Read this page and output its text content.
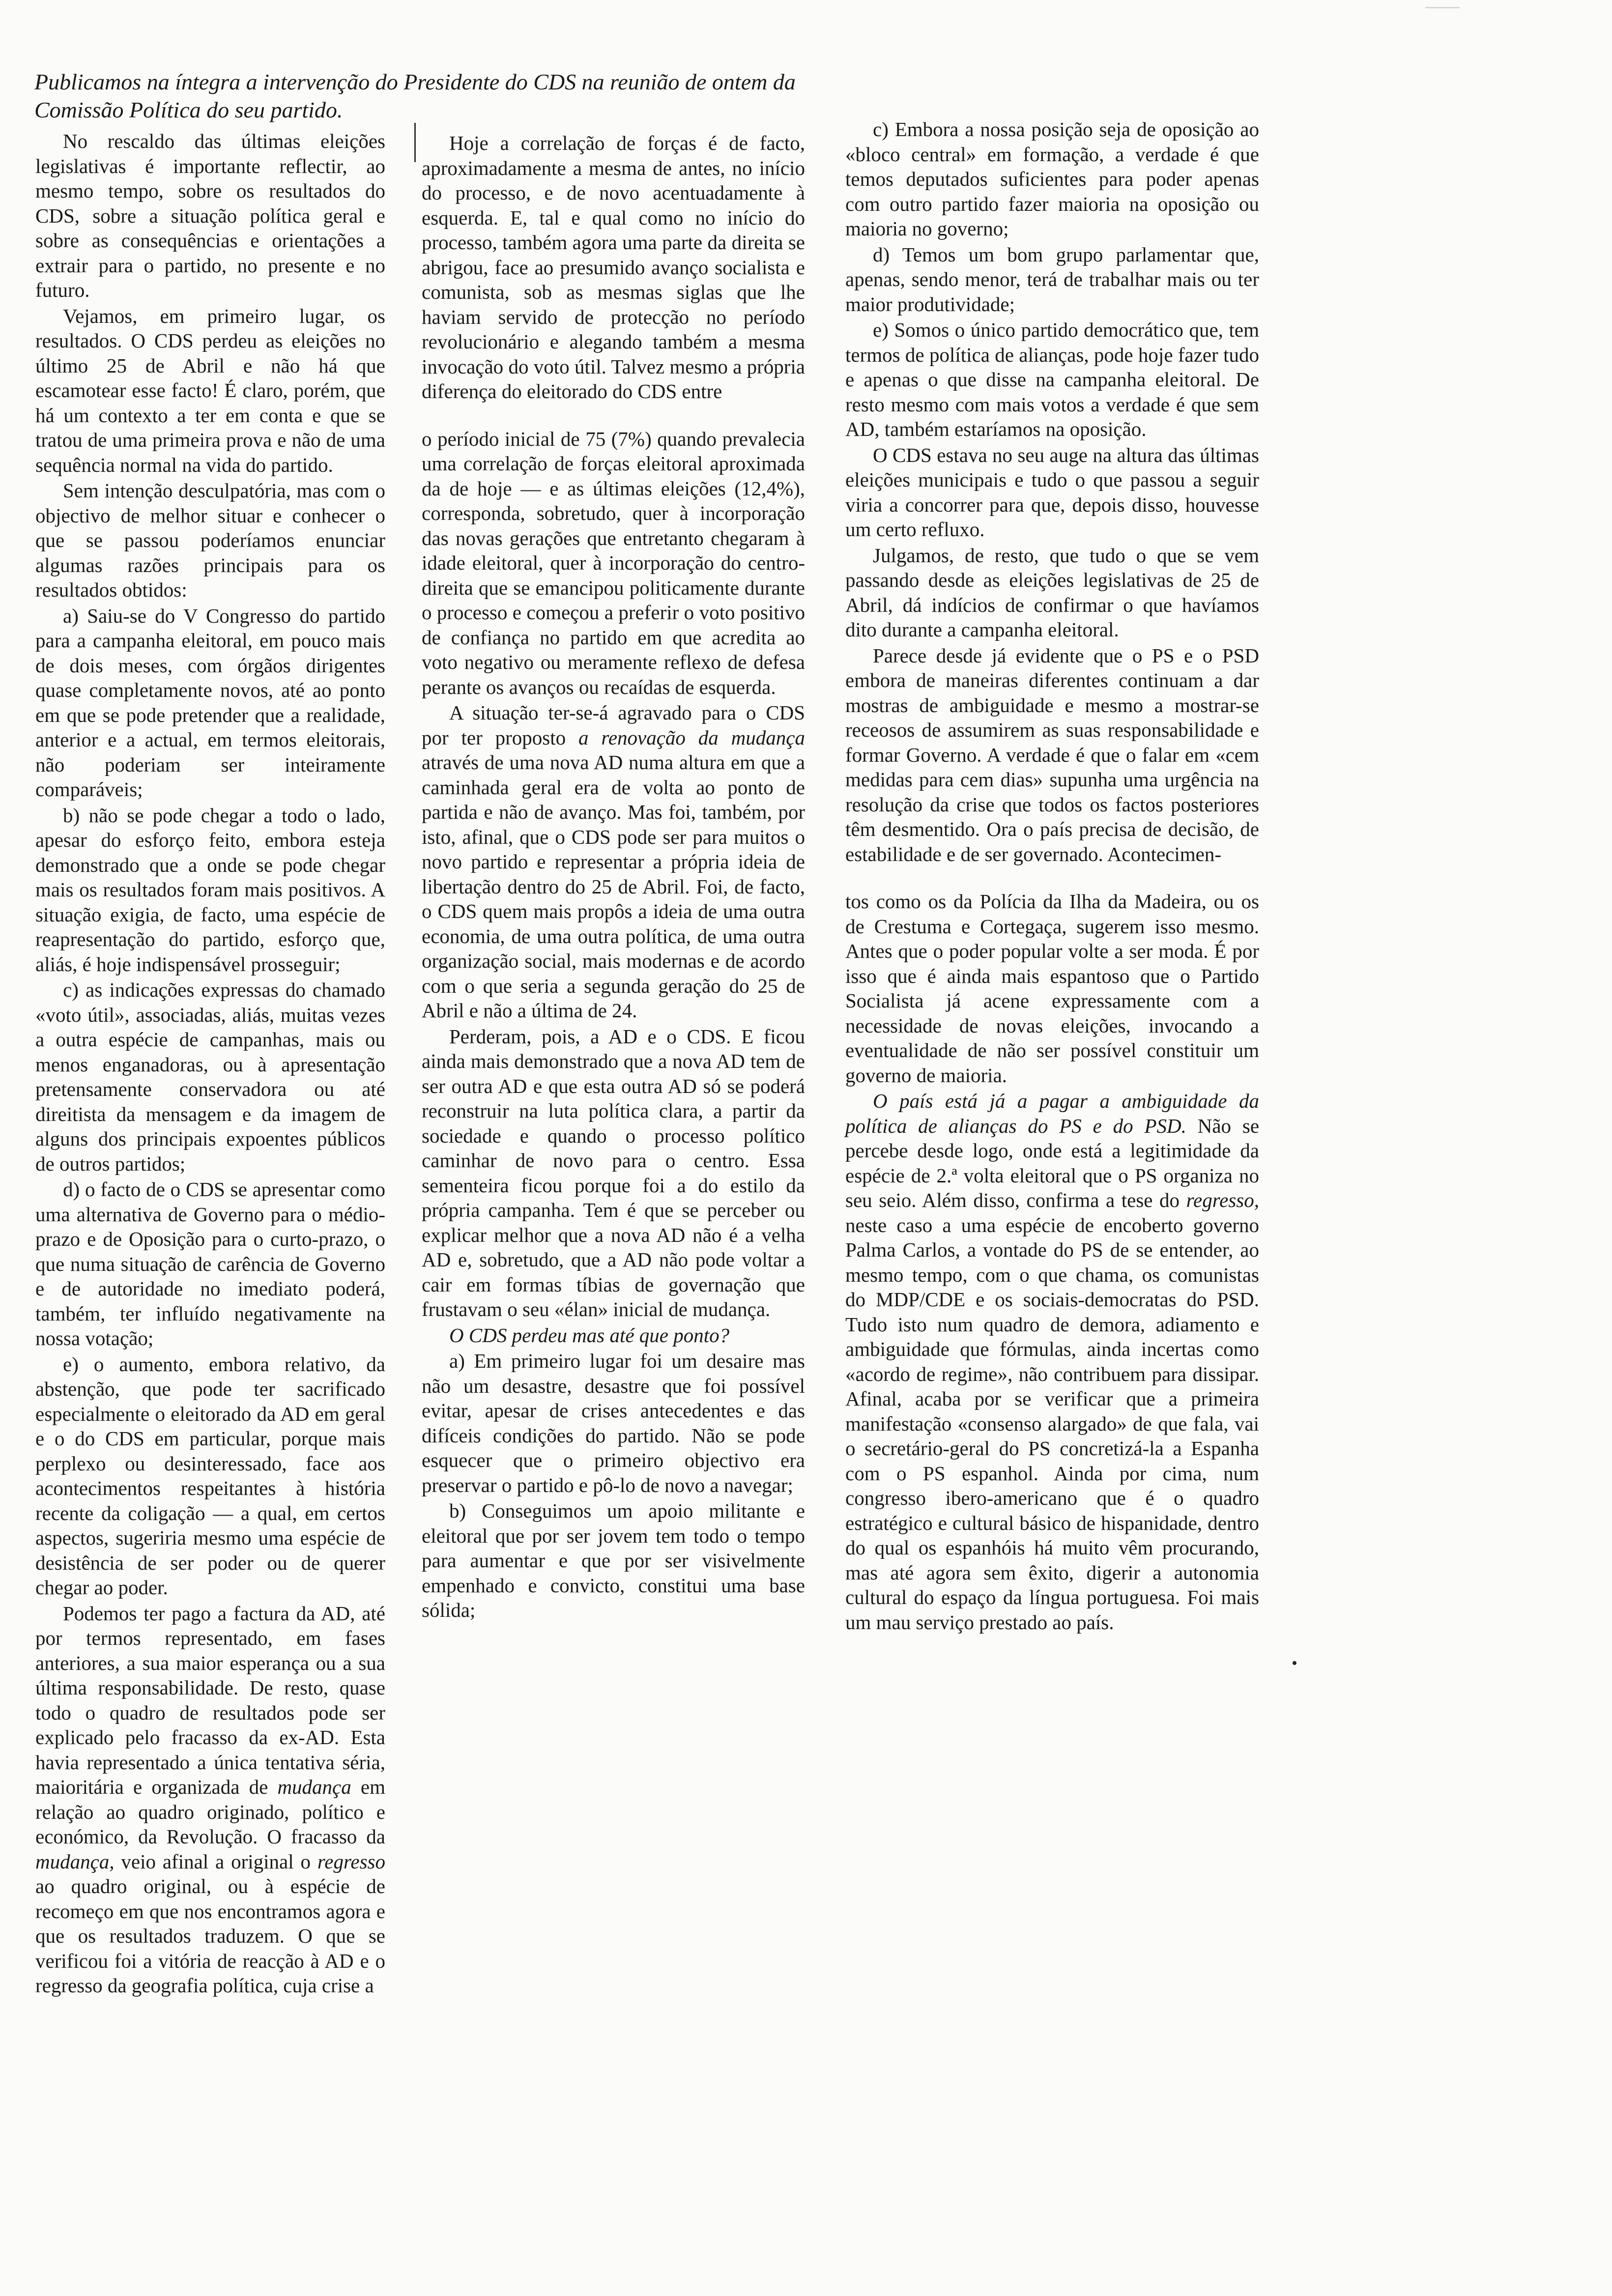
Publicamos na íntegra a intervenção do Presidente do CDS na reunião de ontem da Comissão Política do seu partido.

No rescaldo das últimas eleições legislativas é importante reflectir, ao mesmo tempo, sobre os resultados do CDS, sobre a situação política geral e sobre as consequências e orientações a extrair para o partido, no presente e no futuro.

Vejamos, em primeiro lugar, os resultados. O CDS perdeu as eleições no último 25 de Abril e não há que escamotear esse facto! É claro, porém, que há um contexto a ter em conta e que se tratou de uma primeira prova e não de uma sequência normal na vida do partido.

Sem intenção desculpatória, mas com o objectivo de melhor situar e conhecer o que se passou poderíamos enunciar algumas razões principais para os resultados obtidos:

a) Saiu-se do V Congresso do partido para a campanha eleitoral, em pouco mais de dois meses, com órgãos dirigentes quase completamente novos, até ao ponto em que se pode pretender que a realidade, anterior e a actual, em termos eleitorais, não poderiam ser inteiramente comparáveis;

b) não se pode chegar a todo o lado, apesar do esforço feito, embora esteja demonstrado que a onde se pode chegar mais os resultados foram mais positivos. A situação exigia, de facto, uma espécie de reapresentação do partido, esforço que, aliás, é hoje indispensável prosseguir;

c) as indicações expressas do chamado «voto útil», associadas, aliás, muitas vezes a outra espécie de campanhas, mais ou menos enganadoras, ou à apresentação pretensamente conservadora ou até direitista da mensagem e da imagem de alguns dos principais expoentes públicos de outros partidos;

d) o facto de o CDS se apresentar como uma alternativa de Governo para o médio-prazo e de Oposição para o curto-prazo, o que numa situação de carência de Governo e de autoridade no imediato poderá, também, ter influído negativamente na nossa votação;

e) o aumento, embora relativo, da abstenção, que pode ter sacrificado especialmente o eleitorado da AD em geral e o do CDS em particular, porque mais perplexo ou desinteressado, face aos acontecimentos respeitantes à história recente da coligação — a qual, em certos aspectos, sugeriria mesmo uma espécie de desistência de ser poder ou de querer chegar ao poder.

Podemos ter pago a factura da AD, até por termos representado, em fases anteriores, a sua maior esperança ou a sua última responsabilidade. De resto, quase todo o quadro de resultados pode ser explicado pelo fracasso da ex-AD. Esta havia representado a única tentativa séria, maioritária e organizada de mudança em relação ao quadro originado, político e económico, da Revolução. O fracasso da mudança, veio afinal a original o regresso ao quadro original, ou à espécie de recomeço em que nos encontramos agora e que os resultados traduzem. O que se verificou foi a vitória de reacção à AD e o regresso da geografia política, cuja crise a

Hoje a correlação de forças é de facto, aproximadamente a mesma de antes, no início do processo, e de novo acentuadamente à esquerda. E, tal e qual como no início do processo, também agora uma parte da direita se abrigou, face ao presumido avanço socialista e comunista, sob as mesmas siglas que lhe haviam servido de protecção no período revolucionário e alegando também a mesma invocação do voto útil. Talvez mesmo a própria diferença do eleitorado do CDS entre

o período inicial de 75 (7%) quando prevalecia uma correlação de forças eleitoral aproximada da de hoje — e as últimas eleições (12,4%), corresponda, sobretudo, quer à incorporação das novas gerações que entretanto chegaram à idade eleitoral, quer à incorporação do centro-direita que se emancipou politicamente durante o processo e começou a preferir o voto positivo de confiança no partido em que acredita ao voto negativo ou meramente reflexo de defesa perante os avanços ou recaídas de esquerda.

A situação ter-se-á agravado para o CDS por ter proposto a renovação da mudança através de uma nova AD numa altura em que a caminhada geral era de volta ao ponto de partida e não de avanço. Mas foi, também, por isto, afinal, que o CDS pode ser para muitos o novo partido e representar a própria ideia de libertação dentro do 25 de Abril. Foi, de facto, o CDS quem mais propôs a ideia de uma outra economia, de uma outra política, de uma outra organização social, mais modernas e de acordo com o que seria a segunda geração do 25 de Abril e não a última de 24.

Perderam, pois, a AD e o CDS. E ficou ainda mais demonstrado que a nova AD tem de ser outra AD e que esta outra AD só se poderá reconstruir na luta política clara, a partir da sociedade e quando o processo político caminhar de novo para o centro. Essa sementeira ficou porque foi a do estilo da própria campanha. Tem é que se perceber ou explicar melhor que a nova AD não é a velha AD e, sobretudo, que a AD não pode voltar a cair em formas tíbias de governação que frustavam o seu «élan» inicial de mudança.

O CDS perdeu mas até que ponto?

a) Em primeiro lugar foi um desaire mas não um desastre, desastre que foi possível evitar, apesar de crises antecedentes e das difíceis condições do partido. Não se pode esquecer que o primeiro objectivo era preservar o partido e pô-lo de novo a navegar;

b) Conseguimos um apoio militante e eleitoral que por ser jovem tem todo o tempo para aumentar e que por ser visivelmente empenhado e convicto, constitui uma base sólida;

c) Embora a nossa posição seja de oposição ao «bloco central» em formação, a verdade é que temos deputados suficientes para poder apenas com outro partido fazer maioria na oposição ou maioria no governo;

d) Temos um bom grupo parlamentar que, apenas, sendo menor, terá de trabalhar mais ou ter maior produtividade;

e) Somos o único partido democrático que, tem termos de política de alianças, pode hoje fazer tudo e apenas o que disse na campanha eleitoral. De resto mesmo com mais votos a verdade é que sem AD, também estaríamos na oposição.

O CDS estava no seu auge na altura das últimas eleições municipais e tudo o que passou a seguir viria a concorrer para que, depois disso, houvesse um certo refluxo.

Julgamos, de resto, que tudo o que se vem passando desde as eleições legislativas de 25 de Abril, dá indícios de confirmar o que havíamos dito durante a campanha eleitoral.

Parece desde já evidente que o PS e o PSD embora de maneiras diferentes continuam a dar mostras de ambiguidade e mesmo a mostrar-se receosos de assumirem as suas responsabilidade e formar Governo. A verdade é que o falar em «cem medidas para cem dias» supunha uma urgência na resolução da crise que todos os factos posteriores têm desmentido. Ora o país precisa de decisão, de estabilidade e de ser governado. Acontecimen-

tos como os da Polícia da Ilha da Madeira, ou os de Crestuma e Cortegaça, sugerem isso mesmo. Antes que o poder popular volte a ser moda. É por isso que é ainda mais espantoso que o Partido Socialista já acene expressamente com a necessidade de novas eleições, invocando a eventualidade de não ser possível constituir um governo de maioria.

O país está já a pagar a ambiguidade da política de alianças do PS e do PSD. Não se percebe desde logo, onde está a legitimidade da espécie de 2.ª volta eleitoral que o PS organiza no seu seio. Além disso, confirma a tese do regresso, neste caso a uma espécie de encoberto governo Palma Carlos, a vontade do PS de se entender, ao mesmo tempo, com o que chama, os comunistas do MDP/CDE e os sociais-democratas do PSD. Tudo isto num quadro de demora, adiamento e ambiguidade que fórmulas, ainda incertas como «acordo de regime», não contribuem para dissipar. Afinal, acaba por se verificar que a primeira manifestação «consenso alargado» de que fala, vai o secretário-geral do PS concretizá-la a Espanha com o PS espanhol. Ainda por cima, num congresso ibero-americano que é o quadro estratégico e cultural básico de hispanidade, dentro do qual os espanhóis há muito vêm procurando, mas até agora sem êxito, digerir a autonomia cultural do espaço da língua portuguesa. Foi mais um mau serviço prestado ao país.
